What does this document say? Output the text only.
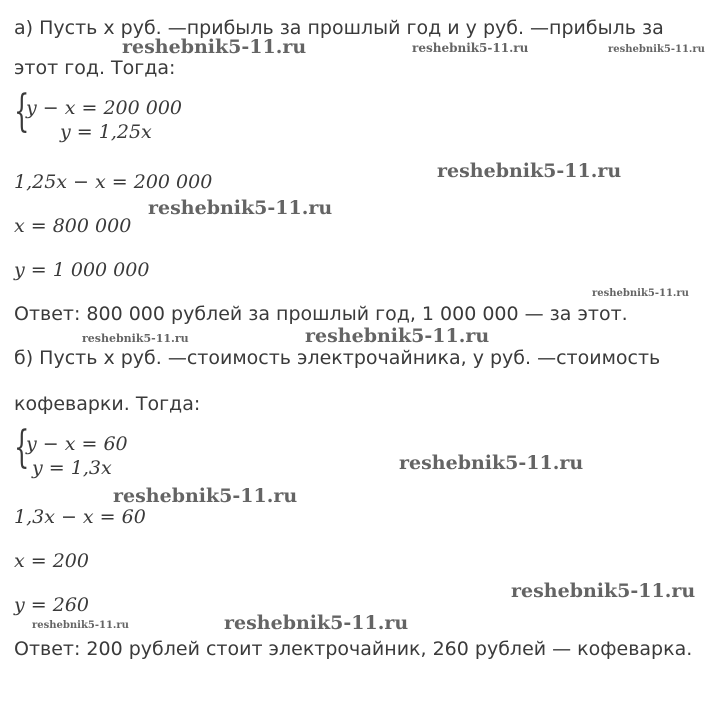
а) Пусть x руб. —прибыль за прошлый год и y руб. —прибыль за
этот год. Тогда:
{
y − x = 200 000
y = 1,25x
1,25x − x = 200 000
x = 800 000
y = 1 000 000
Ответ: 800 000 рублей за прошлый год, 1 000 000 — за этот.
б) Пусть x руб. —стоимость электрочайника, y руб. —стоимость
кофеварки. Тогда:
{
y − x = 60
y = 1,3x
1,3x − x = 60
x = 200
y = 260
Ответ: 200 рублей стоит электрочайник, 260 рублей — кофеварка.
reshebnik5-11.ru	reshebnik5-11.ru	reshebnik5-11.ru
reshebnik5-11.ru
reshebnik5-11.ru
reshebnik5-11.ru
reshebnik5-11.ru	reshebnik5-11.ru
reshebnik5-11.ru
reshebnik5-11.ru
reshebnik5-11.ru
reshebnik5-11.ru	reshebnik5-11.ru
